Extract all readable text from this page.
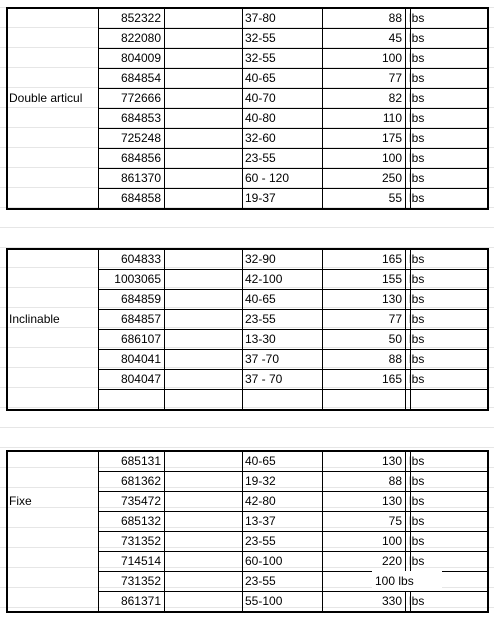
Double articul
852322	37-80	88 lbs
822080	32-55	45 lbs
804009	32-55	100 lbs
684854	40-65	77 lbs
772666	40-70	82 lbs
684853	40-80	110 lbs
725248	32-60	175 lbs
684856	23-55	100 lbs
861370	60 - 120	250 lbs
684858	19-37	55 lbs
Inclinable
604833	32-90	165 lbs
1003065	42-100	155 lbs
684859	40-65	130 lbs
684857	23-55	77 lbs
686107	13-30	50 lbs
804041	37 -70	88 lbs
804047	37 - 70	165 lbs
Fixe
685131	40-65	130 lbs
681362	19-32	88 lbs
735472	42-80	130 lbs
685132	13-37	75 lbs
731352	23-55	100 lbs
714514	60-100	220 lbs
731352	23-55	100 lbs
861371	55-100	330 lbs
